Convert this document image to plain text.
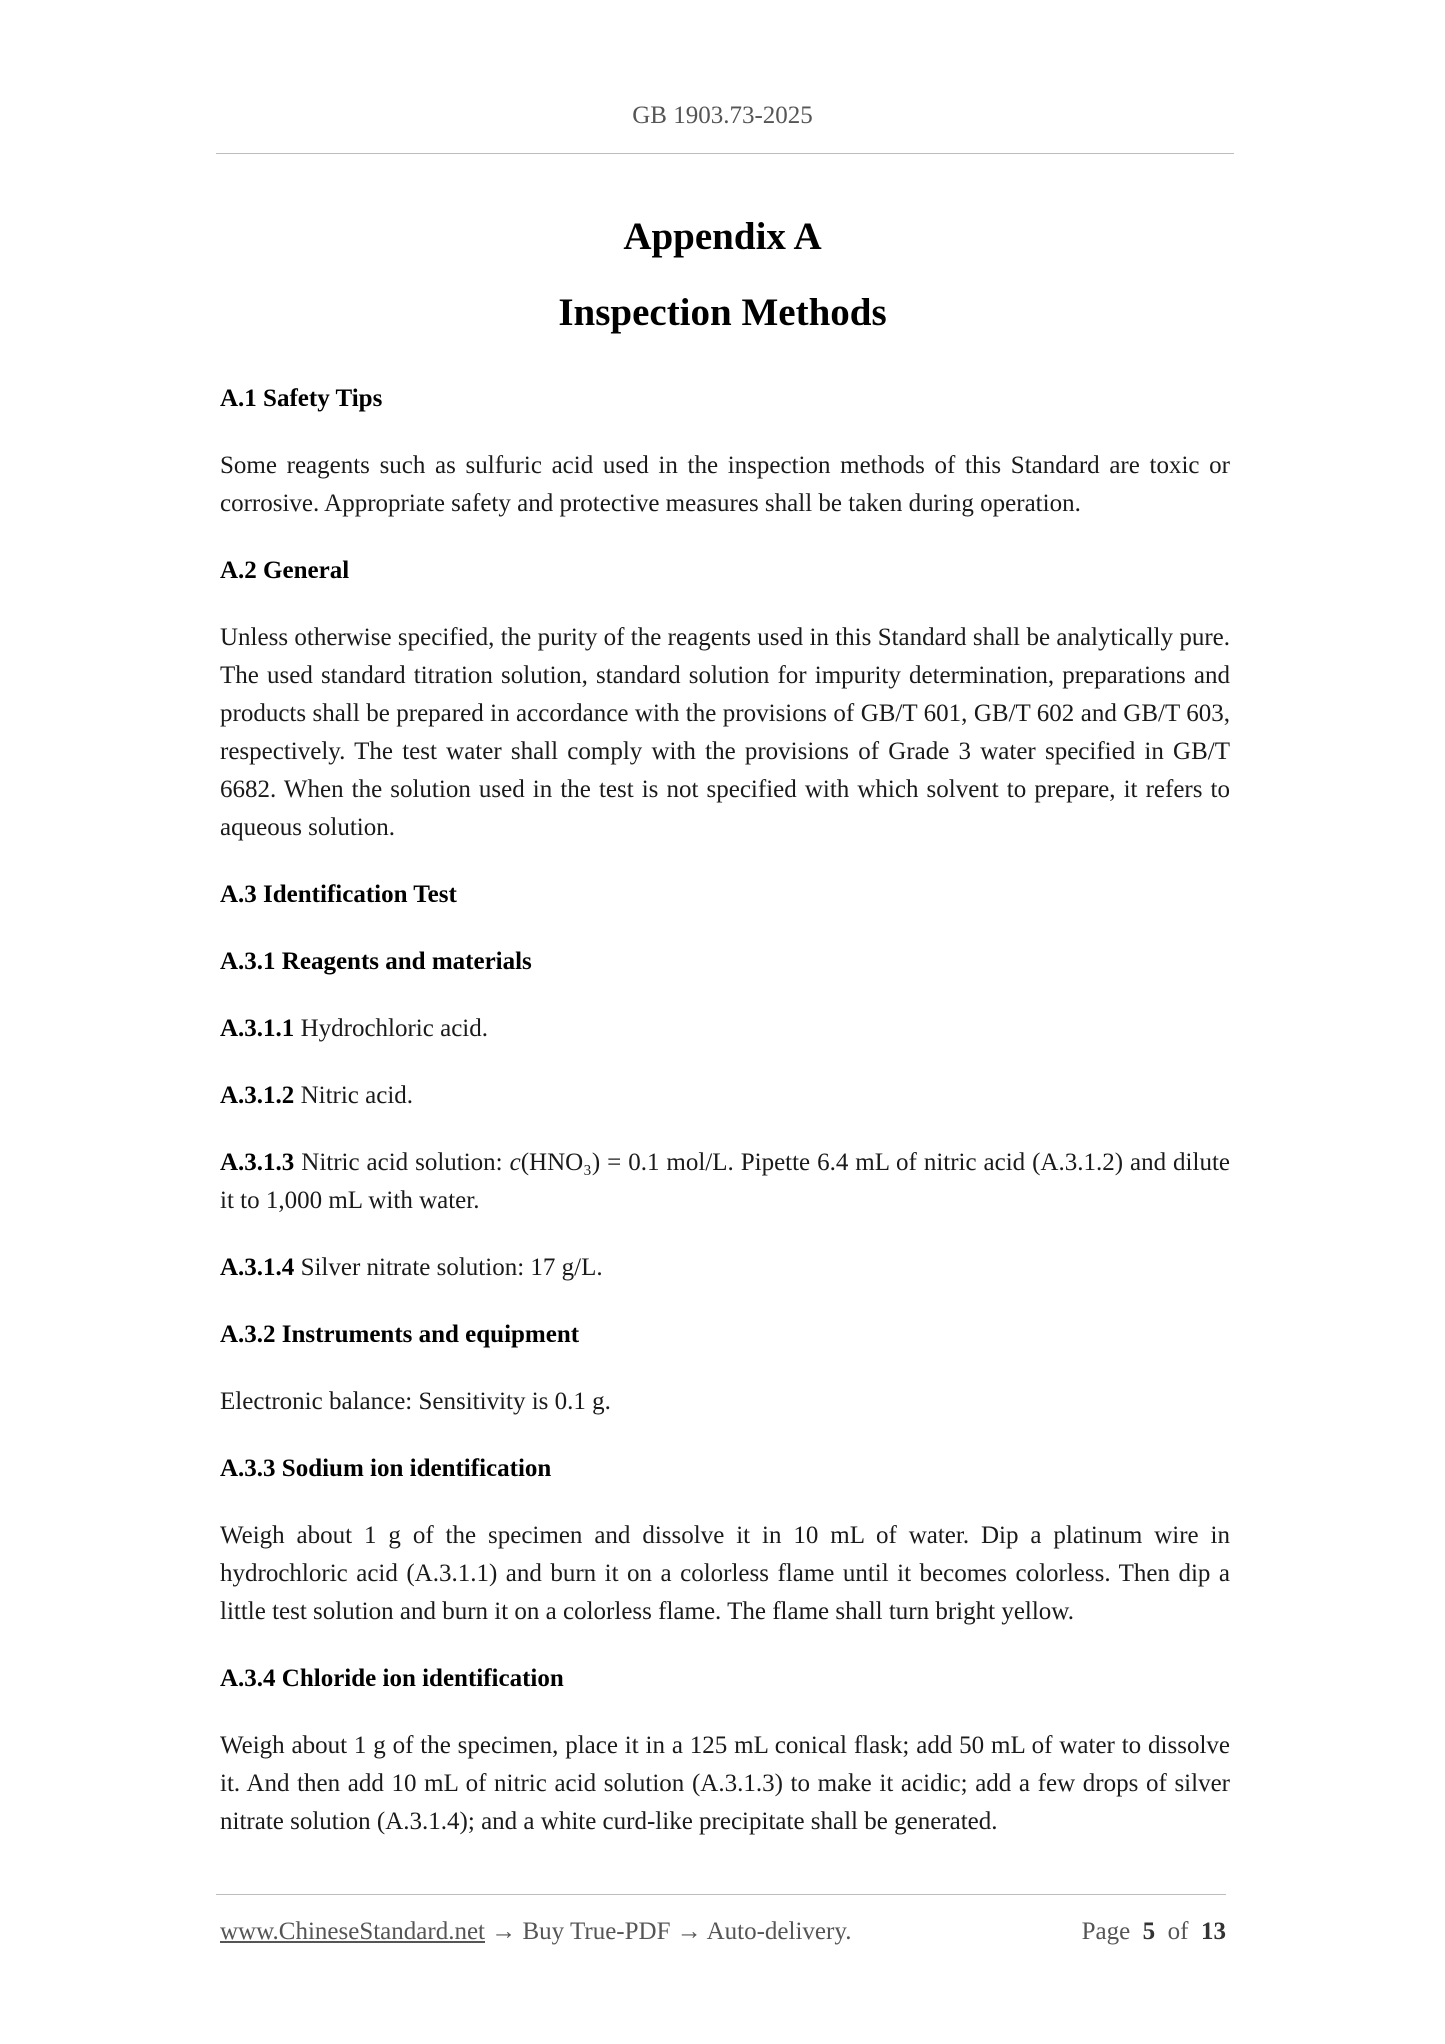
GB 1903.73-2025
Appendix A
Inspection Methods
A.1 Safety Tips

Some reagents such as sulfuric acid used in the inspection methods of this Standard are toxic or corrosive. Appropriate safety and protective measures shall be taken during operation.

A.2 General

Unless otherwise specified, the purity of the reagents used in this Standard shall be analytically pure. The used standard titration solution, standard solution for impurity determination, preparations and products shall be prepared in accordance with the provisions of GB/T 601, GB/T 602 and GB/T 603, respectively. The test water shall comply with the provisions of Grade 3 water specified in GB/T 6682. When the solution used in the test is not specified with which solvent to prepare, it refers to aqueous solution.

A.3 Identification Test
A.3.1 Reagents and materials

A.3.1.1 Hydrochloric acid.

A.3.1.2 Nitric acid.

A.3.1.3 Nitric acid solution: c(HNO₃) = 0.1 mol/L. Pipette 6.4 mL of nitric acid (A.3.1.2) and dilute it to 1,000 mL with water.

A.3.1.4 Silver nitrate solution: 17 g/L.

A.3.2 Instruments and equipment

Electronic balance: Sensitivity is 0.1 g.

A.3.3 Sodium ion identification

Weigh about 1 g of the specimen and dissolve it in 10 mL of water. Dip a platinum wire in hydrochloric acid (A.3.1.1) and burn it on a colorless flame until it becomes colorless. Then dip a little test solution and burn it on a colorless flame. The flame shall turn bright yellow.

A.3.4 Chloride ion identification

Weigh about 1 g of the specimen, place it in a 125 mL conical flask; add 50 mL of water to dissolve it. And then add 10 mL of nitric acid solution (A.3.1.3) to make it acidic; add a few drops of silver nitrate solution (A.3.1.4); and a white curd-like precipitate shall be generated.

www.ChineseStandard.net → Buy True-PDF → Auto-delivery.	Page 5 of 13
